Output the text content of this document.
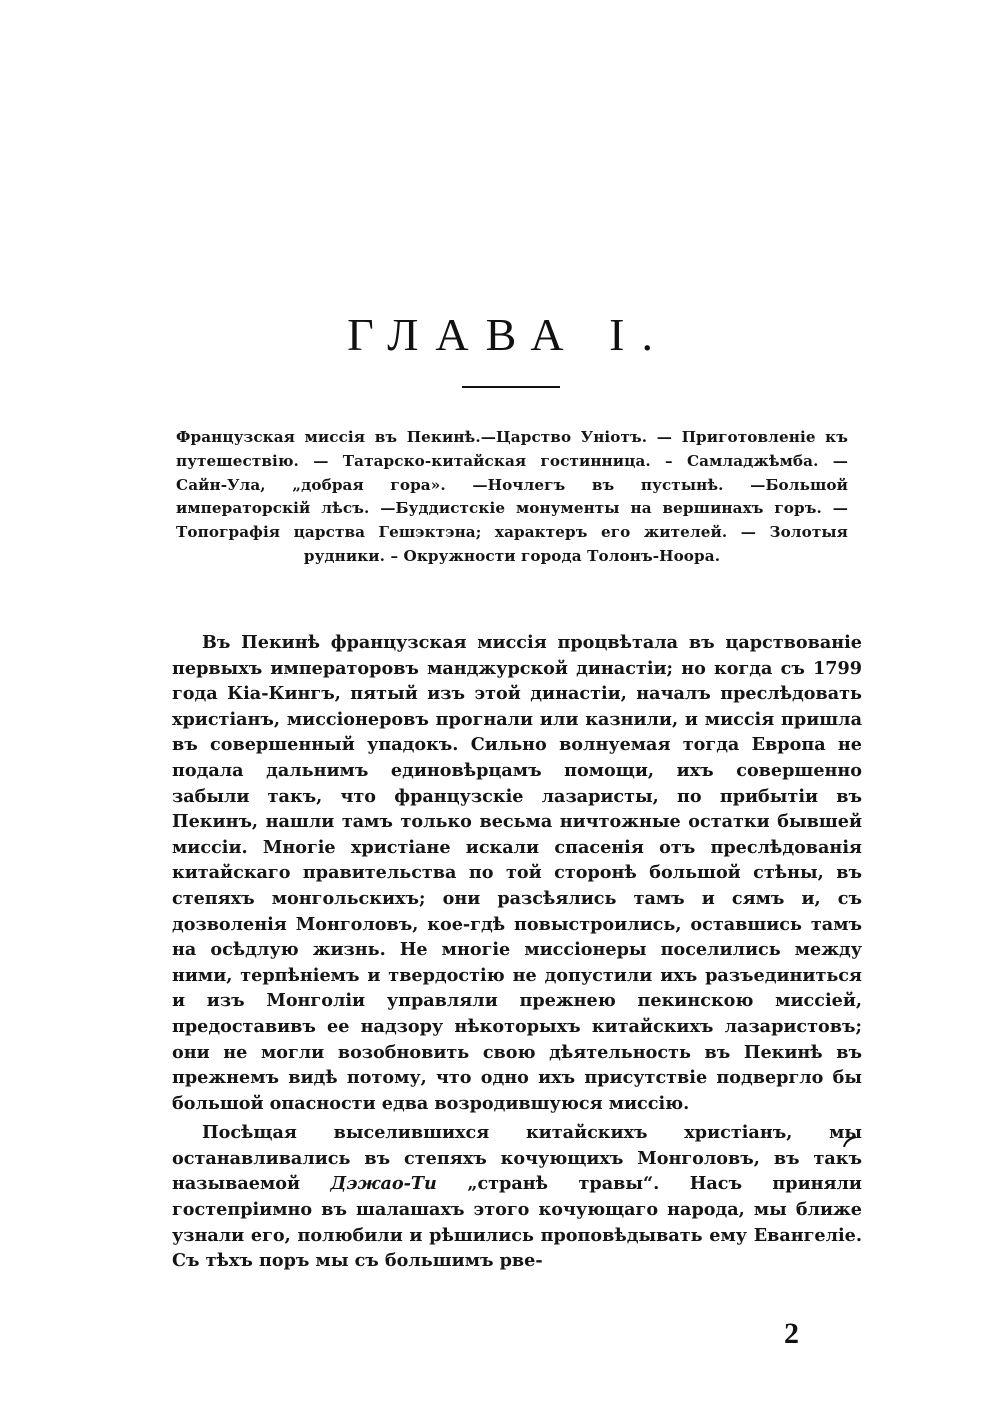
ГЛАВА I.

Французская миссія въ Пекинѣ.—Царство Уніотъ. — Приготовленіе къ путешествію. — Татарско-китайская гостинница. – Самладжѣмба. — Сайн-Ула, „добрая гора». —Ночлегъ въ пустынѣ. —Большой императорскій лѣсъ. —Буддистскіе монументы на вершинахъ горъ. — Топографія царства Гешэктэна; характеръ его жителей. — Золотыя рудники. – Окружности города Толонъ-Ноора.

Въ Пекинѣ французская миссія процвѣтала въ царствованіе первыхъ императоровъ манджурской династіи; но когда съ 1799 года Кіа-Кингъ, пятый изъ этой династіи, началъ преслѣдовать христіанъ, миссіонеровъ прогнали или казнили, и миссія пришла въ совершенный упадокъ. Сильно волнуемая тогда Европа не подала дальнимъ единовѣрцамъ помощи, ихъ совершенно забыли такъ, что французскіе лазаристы, по прибытіи въ Пекинъ, нашли тамъ только весьма ничтожные остатки бывшей миссіи. Многіе христіане искали спасенія отъ преслѣдованія китайскаго правительства по той сторонѣ большой стѣны, въ степяхъ монгольскихъ; они разсѣялись тамъ и сямъ и, съ дозволенія Монголовъ, кое-гдѣ повыстроились, оставшись тамъ на осѣдлую жизнь. Не многіе миссіонеры поселились между ними, терпѣніемъ и твердостію не допустили ихъ разъединиться и изъ Монголіи управляли прежнею пекинскою миссіей, предоставивъ ее надзору нѣкоторыхъ китайскихъ лазаристовъ; они не могли возобновить свою дѣятельность въ Пекинѣ въ прежнемъ видѣ потому, что одно ихъ присутствіе подвергло бы большой опасности едва возродившуюся миссію.

Посѣщая выселившихся китайскихъ христіанъ, мы останавливались въ степяхъ кочующихъ Монголовъ, въ такъ называемой Дэжао-Ти „странѣ травы“. Насъ приняли гостепріимно въ шалашахъ этого кочующаго народа, мы ближе узнали его, полюбили и рѣшились проповѣдывать ему Евангеліе. Съ тѣхъ поръ мы съ большимъ рве-

2
